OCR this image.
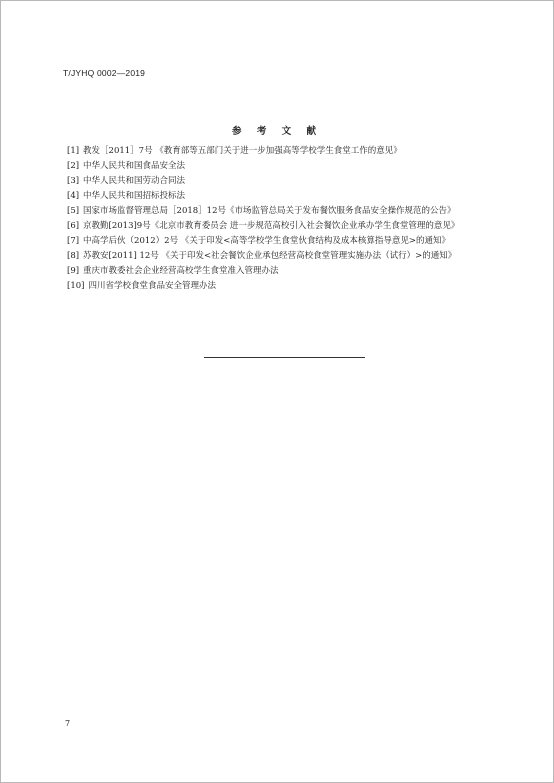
T/JYHQ 0002—2019
参 考 文 献

[1] 教发［2011］7号 《教育部等五部门关于进一步加强高等学校学生食堂工作的意见》

[2] 中华人民共和国食品安全法

[3] 中华人民共和国劳动合同法

[4] 中华人民共和国招标投标法

[5] 国家市场监督管理总局［2018］12号《市场监管总局关于发布餐饮服务食品安全操作规范的公告》

[6] 京教勤[2013]9号《北京市教育委员会 进一步规范高校引入社会餐饮企业承办学生食堂管理的意见》

[7] 中高学后伙（2012）2号 《关于印发<高等学校学生食堂伙食结构及成本核算指导意见>的通知》

[8] 苏教安[2011] 12号 《关于印发<社会餐饮企业承包经营高校食堂管理实施办法（试行）>的通知》

[9] 重庆市教委社会企业经营高校学生食堂准入管理办法

[10] 四川省学校食堂食品安全管理办法

7
